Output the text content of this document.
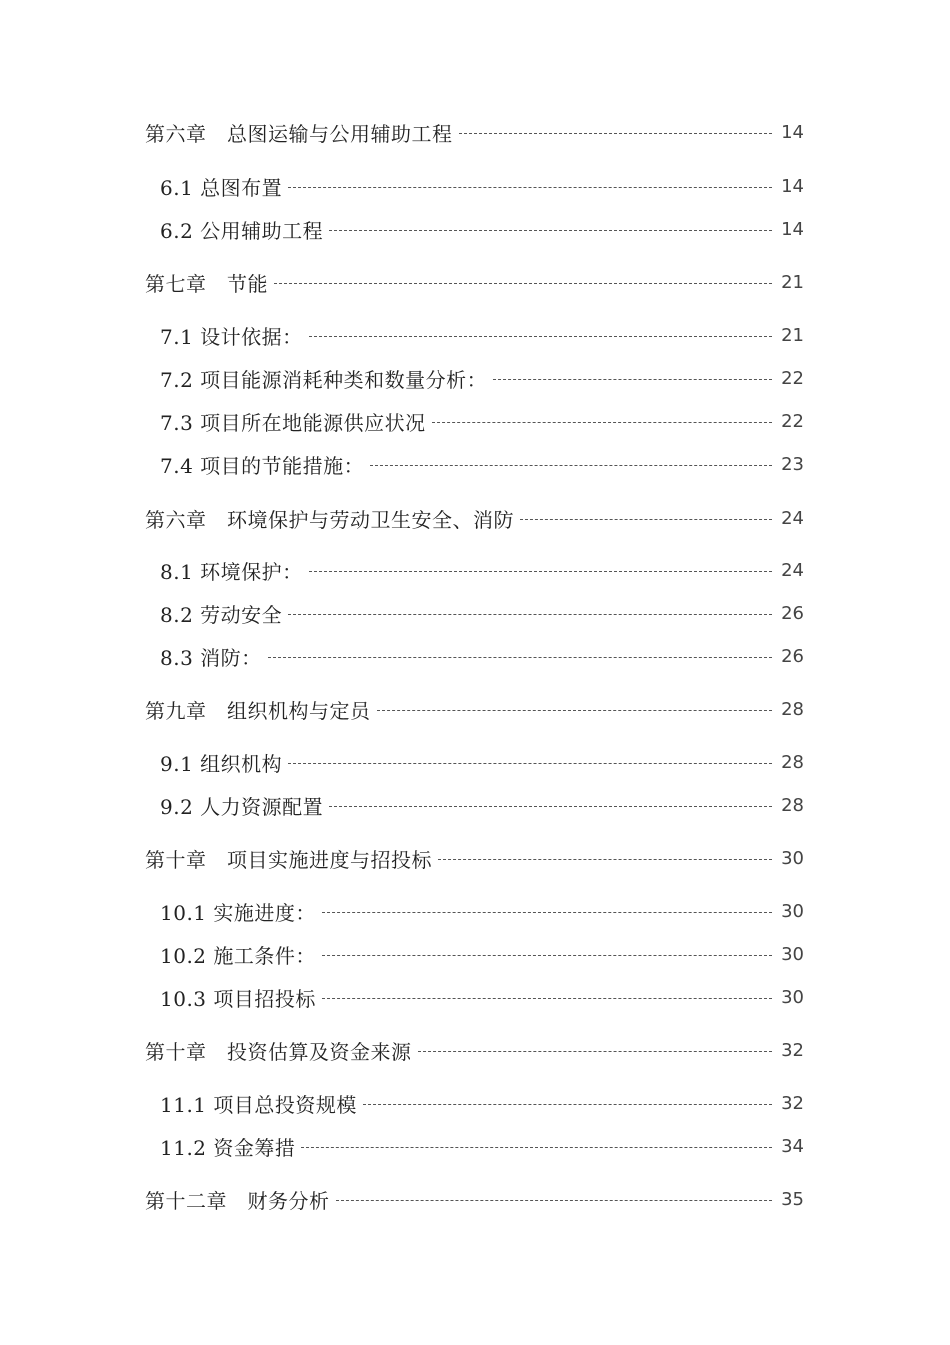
第六章　总图运输与公用辅助工程	14
6.1 总图布置	14
6.2 公用辅助工程	14
第七章　节能	21
7.1 设计依据：	21
7.2 项目能源消耗种类和数量分析：	22
7.3 项目所在地能源供应状况	22
7.4 项目的节能措施：	23
第六章　环境保护与劳动卫生安全、消防	24
8.1 环境保护：	24
8.2 劳动安全	26
8.3 消防：	26
第九章　组织机构与定员	28
9.1 组织机构	28
9.2 人力资源配置	28
第十章　项目实施进度与招投标	30
10.1 实施进度：	30
10.2 施工条件：	30
10.3 项目招投标	30
第十章　投资估算及资金来源	32
11.1 项目总投资规模	32
11.2 资金筹措	34
第十二章　财务分析	35
